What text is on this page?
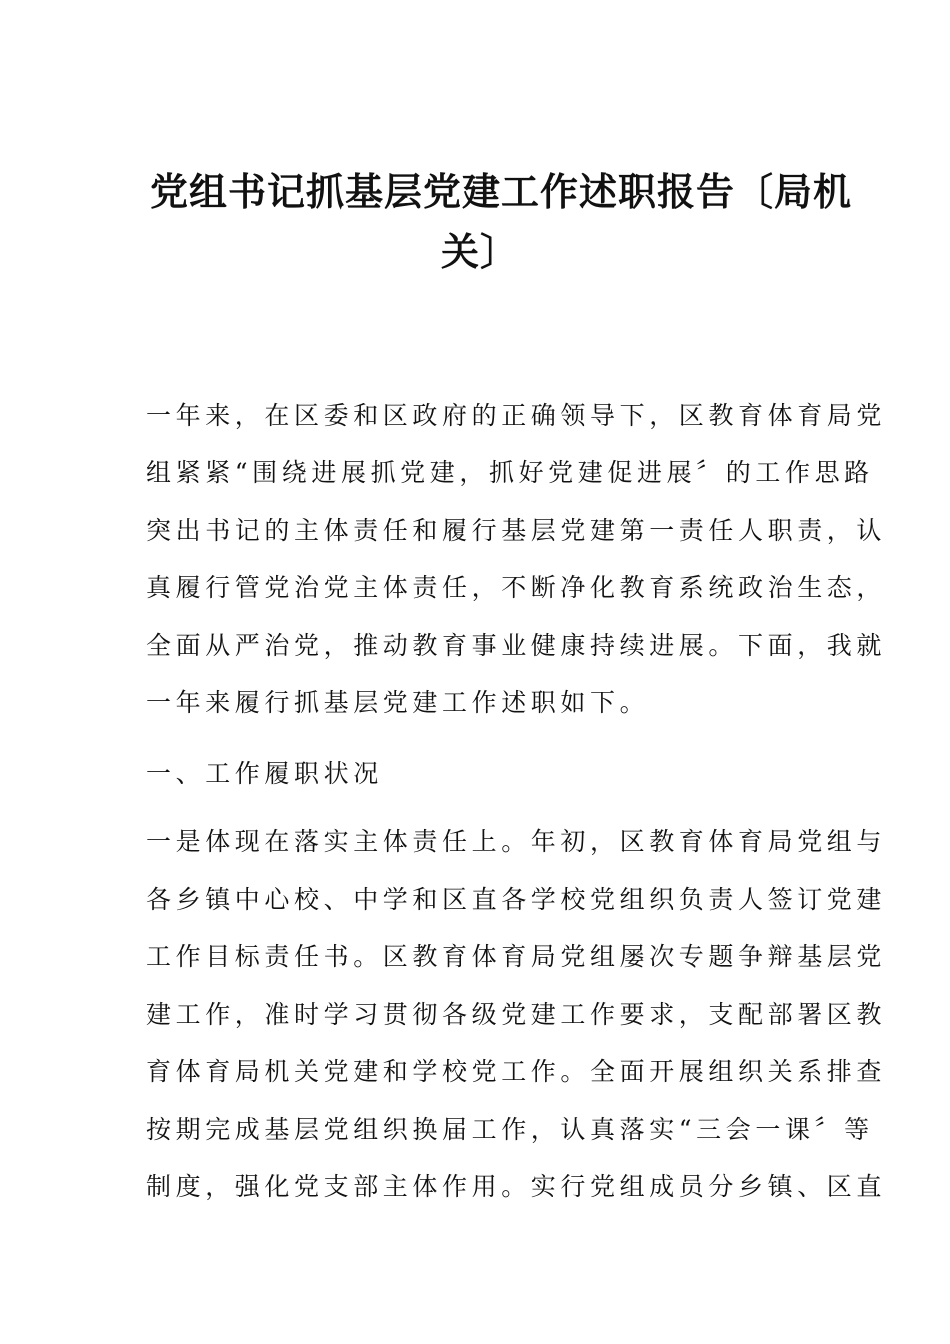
党组书记抓基层党建工作述职报告〔局机
关〕

一年来，在区委和区政府的正确领导下，区教育体育局党

组紧紧“围绕进展抓党建，抓好党建促进展〞的工作思路

突出书记的主体责任和履行基层党建第一责任人职责，认

真履行管党治党主体责任，不断净化教育系统政治生态，

全面从严治党，推动教育事业健康持续进展。下面，我就

一年来履行抓基层党建工作述职如下。

一、工作履职状况

一是体现在落实主体责任上。年初，区教育体育局党组与

各乡镇中心校、中学和区直各学校党组织负责人签订党建

工作目标责任书。区教育体育局党组屡次专题争辩基层党

建工作，准时学习贯彻各级党建工作要求，支配部署区教

育体育局机关党建和学校党工作。全面开展组织关系排查

按期完成基层党组织换届工作，认真落实“三会一课〞等

制度，强化党支部主体作用。实行党组成员分乡镇、区直
